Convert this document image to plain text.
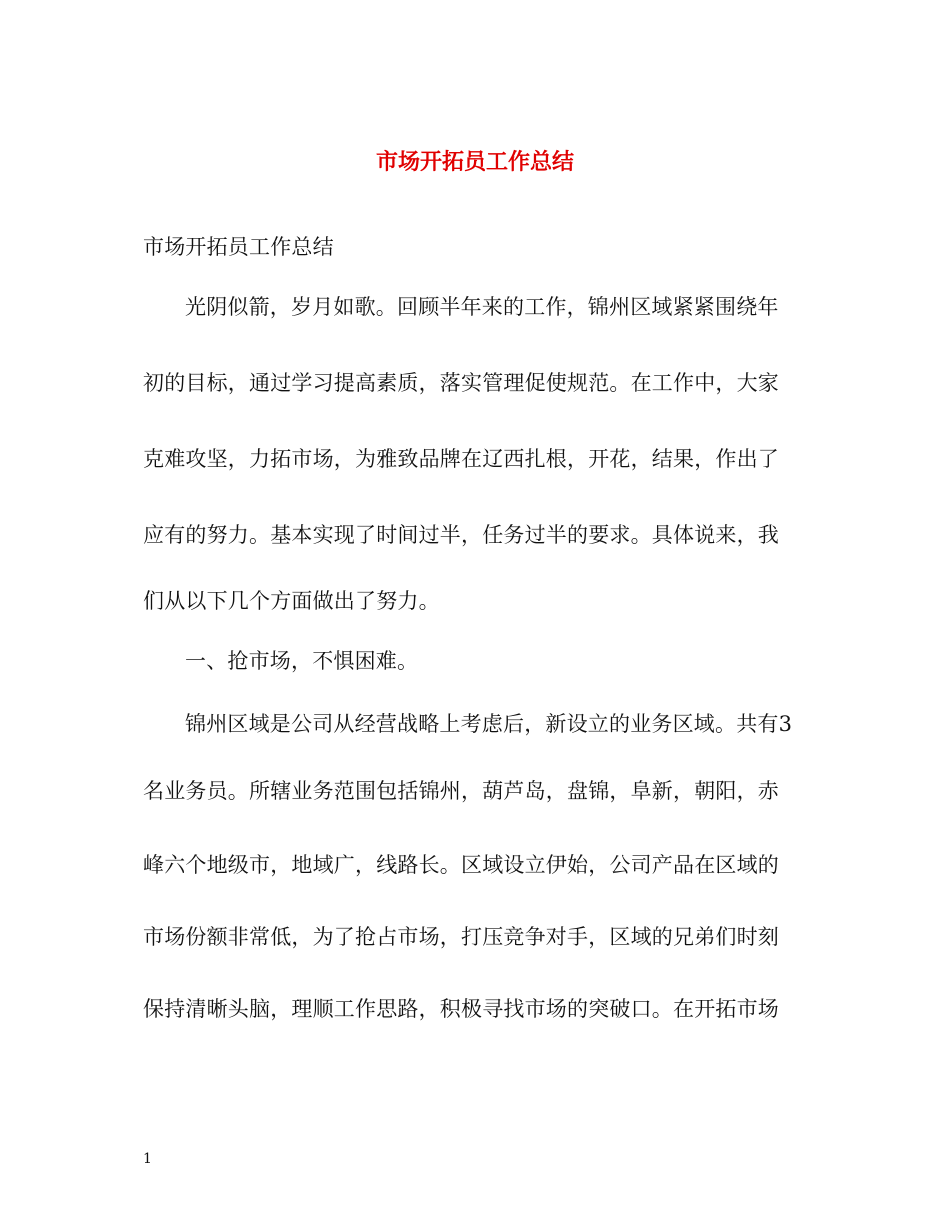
市场开拓员工作总结
市场开拓员工作总结
光阴似箭，岁月如歌。回顾半年来的工作，锦州区域紧紧围绕年
初的目标，通过学习提高素质，落实管理促使规范。在工作中，大家
克难攻坚，力拓市场，为雅致品牌在辽西扎根，开花，结果，作出了
应有的努力。基本实现了时间过半，任务过半的要求。具体说来，我
们从以下几个方面做出了努力。
一、抢市场，不惧困难。
锦州区域是公司从经营战略上考虑后，新设立的业务区域。共有3
名业务员。所辖业务范围包括锦州，葫芦岛，盘锦，阜新，朝阳，赤
峰六个地级市，地域广，线路长。区域设立伊始，公司产品在区域的
市场份额非常低，为了抢占市场，打压竞争对手，区域的兄弟们时刻
保持清晰头脑，理顺工作思路，积极寻找市场的突破口。在开拓市场
1
